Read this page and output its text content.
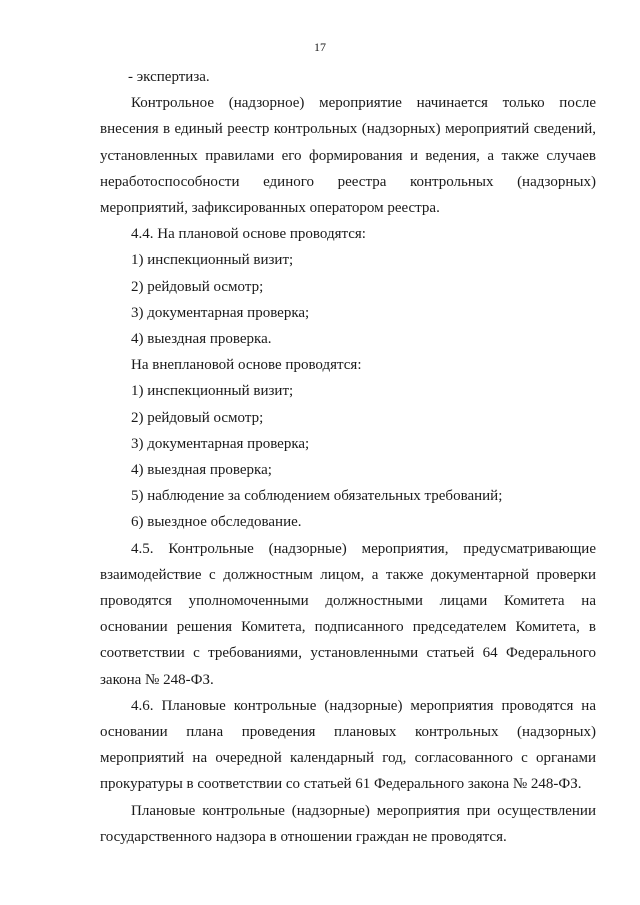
17

- экспертиза.

Контрольное (надзорное) мероприятие начинается только после внесения в единый реестр контрольных (надзорных) мероприятий сведений, установленных правилами его формирования и ведения, а также случаев неработоспособности единого реестра контрольных (надзорных) мероприятий, зафиксированных оператором реестра.

4.4. На плановой основе проводятся:

1) инспекционный визит;

2) рейдовый осмотр;

3) документарная проверка;

4) выездная проверка.

На внеплановой основе проводятся:

1) инспекционный визит;

2) рейдовый осмотр;

3) документарная проверка;

4) выездная проверка;

5) наблюдение за соблюдением обязательных требований;

6) выездное обследование.

4.5. Контрольные (надзорные) мероприятия, предусматривающие взаимодействие с должностным лицом, а также документарной проверки проводятся уполномоченными должностными лицами Комитета на основании решения Комитета, подписанного председателем Комитета, в соответствии с требованиями, установленными статьей 64 Федерального закона № 248-ФЗ.

4.6. Плановые контрольные (надзорные) мероприятия проводятся на основании плана проведения плановых контрольных (надзорных) мероприятий на очередной календарный год, согласованного с органами прокуратуры в соответствии со статьей 61 Федерального закона № 248-ФЗ.

Плановые контрольные (надзорные) мероприятия при осуществлении государственного надзора в отношении граждан не проводятся.
